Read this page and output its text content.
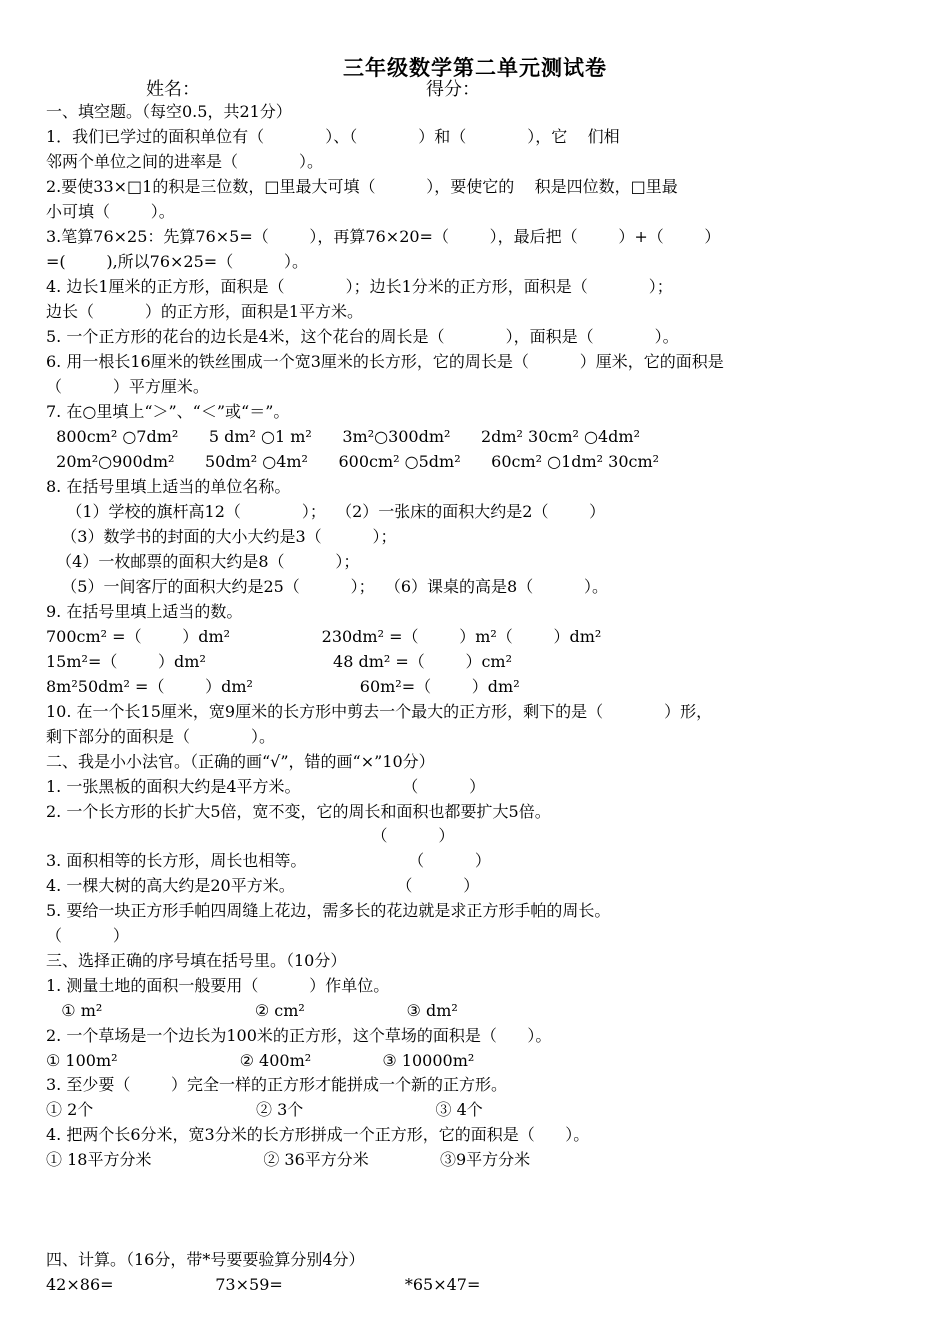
三年级数学第二单元测试卷
姓名：	得分：
一、填空题。（每空0.5，共21分）
1．我们已学过的面积单位有（            ）、（            ）和（            ），它    们相
邻两个单位之间的进率是（            ）。
2.要使33×□1的积是三位数，□里最大可填（          ），要使它的    积是四位数，□里最
小可填（        ）。
3.笔算76×25：先算76×5=（        ），再算76×20=（        ），最后把（        ）+（        ）
=(        ),所以76×25=（          ）。
4. 边长1厘米的正方形，面积是（            ）；边长1分米的正方形，面积是（            ）；
边长（          ）的正方形，面积是1平方米。
5. 一个正方形的花台的边长是4米，这个花台的周长是（            ），面积是（            ）。
6. 用一根长16厘米的铁丝围成一个宽3厘米的长方形，它的周长是（          ）厘米，它的面积是
（          ）平方厘米。
7. 在○里填上“＞”、“＜”或“＝”。
800cm² ○7dm²      5 dm² ○1 m²      3m²○300dm²      2dm² 30cm² ○4dm²
20m²○900dm²      50dm² ○4m²      600cm² ○5dm²      60cm² ○1dm² 30cm²
8. 在括号里填上适当的单位名称。
（1）学校的旗杆高12（            ）；  （2）一张床的面积大约是2（        ）
（3）数学书的封面的大小大约是3（          ）；
（4）一枚邮票的面积大约是8（          ）；
（5）一间客厅的面积大约是25（          ）；  （6）课桌的高是8（          ）。
9. 在括号里填上适当的数。
700cm² =（        ）dm²                  230dm² =（        ）m²（        ）dm²
15m²=（        ）dm²                         48 dm² =（        ）cm²
8m²50dm² =（        ）dm²                     60m²=（        ）dm²
10. 在一个长15厘米，宽9厘米的长方形中剪去一个最大的正方形，剩下的是（            ）形，
剩下部分的面积是（            ）。
二、我是小小法官。（正确的画“√”，错的画“×”10分）
1. 一张黑板的面积大约是4平方米。                    （          ）
2. 一个长方形的长扩大5倍，宽不变，它的周长和面积也都要扩大5倍。
（          ）
3. 面积相等的长方形，周长也相等。                    （          ）
4. 一棵大树的高大约是20平方米。                    （          ）
5. 要给一块正方形手帕四周缝上花边，需多长的花边就是求正方形手帕的周长。
（          ）
三、选择正确的序号填在括号里。（10分）
1. 测量土地的面积一般要用（          ）作单位。
① m²                              ② cm²                    ③ dm²
2. 一个草场是一个边长为100米的正方形，这个草场的面积是（      ）。
① 100m²                        ② 400m²              ③ 10000m²
3. 至少要（        ）完全一样的正方形才能拼成一个新的正方形。
① 2个                                ② 3个                          ③ 4个
4. 把两个长6分米，宽3分米的长方形拼成一个正方形，它的面积是（      ）。
① 18平方分米                      ② 36平方分米              ③9平方分米
四、计算。（16分，带*号要要验算分别4分）
42×86=                    73×59=                        *65×47=
